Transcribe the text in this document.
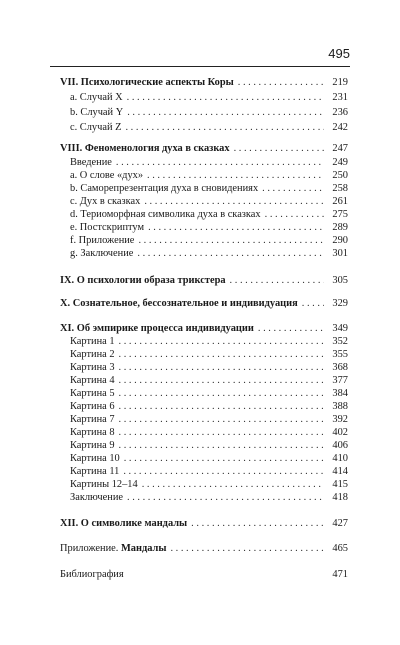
495
VII. Психологические аспекты Коры . . .	219
a. Случай X . . .	231
b. Случай Y . . .	236
c. Случай Z . . .	242
VIII. Феноменология духа в сказках . . .	247
Введение . . .	249
a. О слове «дух» . . .	250
b. Саморепрезентация духа в сновидениях . . .	258
c. Дух в сказках . . .	261
d. Териоморфная символика духа в сказках . . .	275
e. Постскриптум . . .	289
f. Приложение . . .	290
g. Заключение . . .	301
IX. О психологии образа трикстера . . .	305
X. Сознательное, бессознательное и индивидуация . . .	329
XI. Об эмпирике процесса индивидуации . . .	349
Картина 1 . . .	352
Картина 2 . . .	355
Картина 3 . . .	368
Картина 4 . . .	377
Картина 5 . . .	384
Картина 6 . . .	388
Картина 7 . . .	392
Картина 8 . . .	402
Картина 9 . . .	406
Картина 10 . . .	410
Картина 11 . . .	414
Картины 12–14 . . .	415
Заключение . . .	418
XII. О символике мандалы . . .	427
Приложение. Мандалы . . .	465
Библиография	471
